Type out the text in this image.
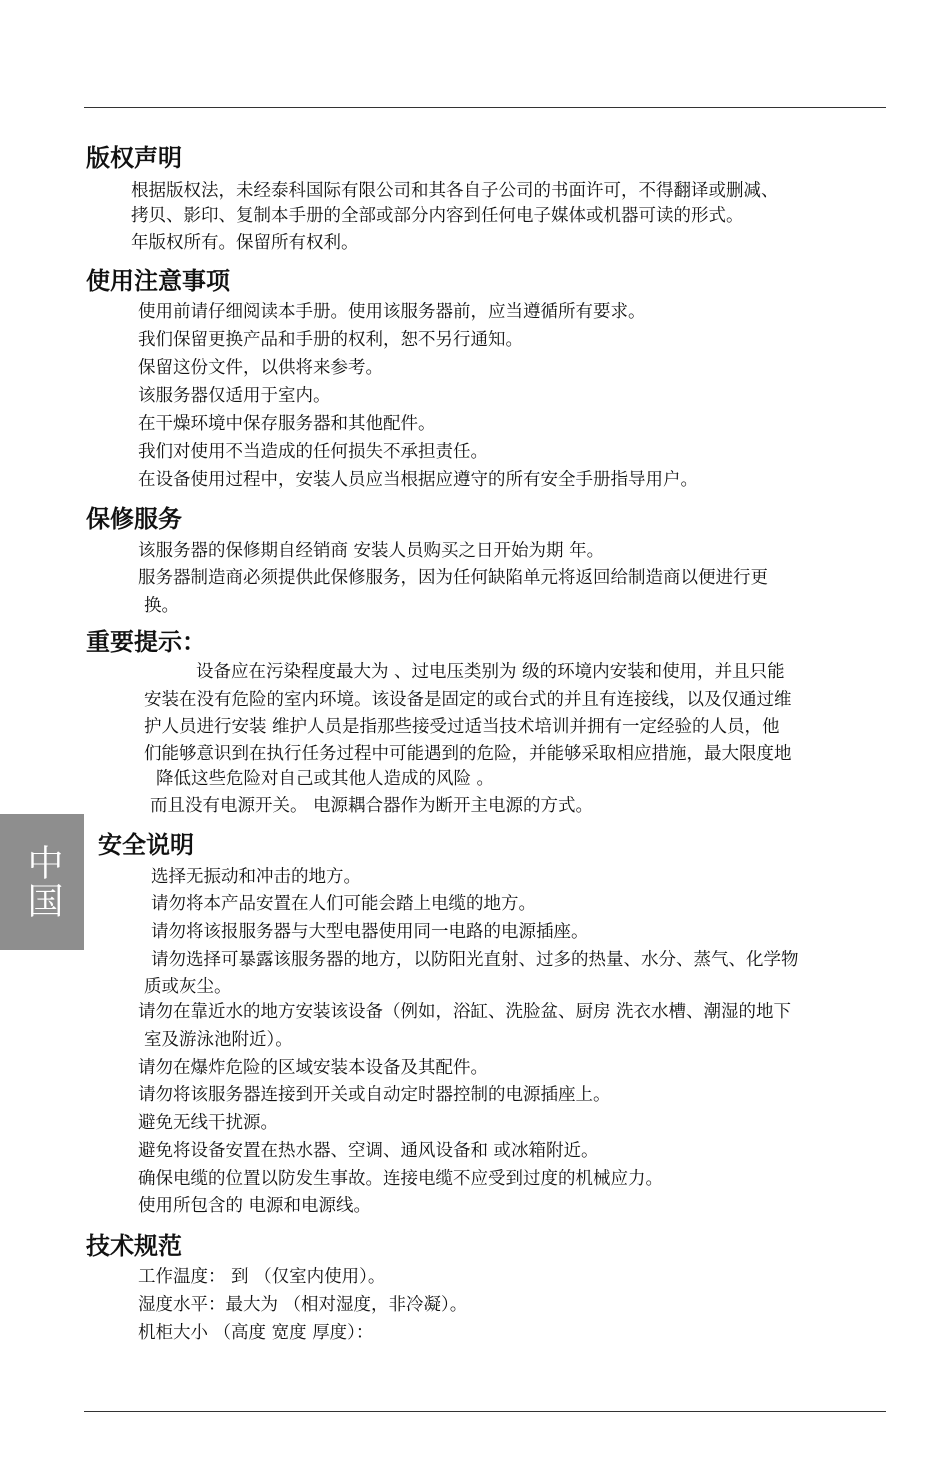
中国
版权声明
根据版权法，未经泰科国际有限公司和其各自子公司的书面许可，不得翻译或删减、
拷贝、影印、复制本手册的全部或部分内容到任何电子媒体或机器可读的形式。
年版权所有。保留所有权利。
使用注意事项
使用前请仔细阅读本手册。使用该服务器前，应当遵循所有要求。
我们保留更换产品和手册的权利，恕不另行通知。
保留这份文件，以供将来参考。
该服务器仅适用于室内。
在干燥环境中保存服务器和其他配件。
我们对使用不当造成的任何损失不承担责任。
在设备使用过程中，安装人员应当根据应遵守的所有安全手册指导用户。
保修服务
该服务器的保修期自经销商 安装人员购买之日开始为期 年。
服务器制造商必须提供此保修服务，因为任何缺陷单元将返回给制造商以便进行更
换。
重要提示：
设备应在污染程度最大为 、过电压类别为 级的环境内安装和使用，并且只能
安装在没有危险的室内环境。该设备是固定的或台式的并且有连接线，以及仅通过维
护人员进行安装 维护人员是指那些接受过适当技术培训并拥有一定经验的人员，他
们能够意识到在执行任务过程中可能遇到的危险，并能够采取相应措施，最大限度地
降低这些危险对自己或其他人造成的风险 。
而且没有电源开关。 电源耦合器作为断开主电源的方式。
安全说明
选择无振动和冲击的地方。
请勿将本产品安置在人们可能会踏上电缆的地方。
请勿将该报服务器与大型电器使用同一电路的电源插座。
请勿选择可暴露该服务器的地方，以防阳光直射、过多的热量、水分、蒸气、化学物
质或灰尘。
请勿在靠近水的地方安装该设备（例如，浴缸、洗脸盆、厨房 洗衣水槽、潮湿的地下
室及游泳池附近）。
请勿在爆炸危险的区域安装本设备及其配件。
请勿将该服务器连接到开关或自动定时器控制的电源插座上。
避免无线干扰源。
避免将设备安置在热水器、空调、通风设备和 或冰箱附近。
确保电缆的位置以防发生事故。连接电缆不应受到过度的机械应力。
使用所包含的 电源和电源线。
技术规范
工作温度： 到 （仅室内使用）。
湿度水平：最大为 （相对湿度，非冷凝）。
机柜大小 （高度 宽度 厚度）：
